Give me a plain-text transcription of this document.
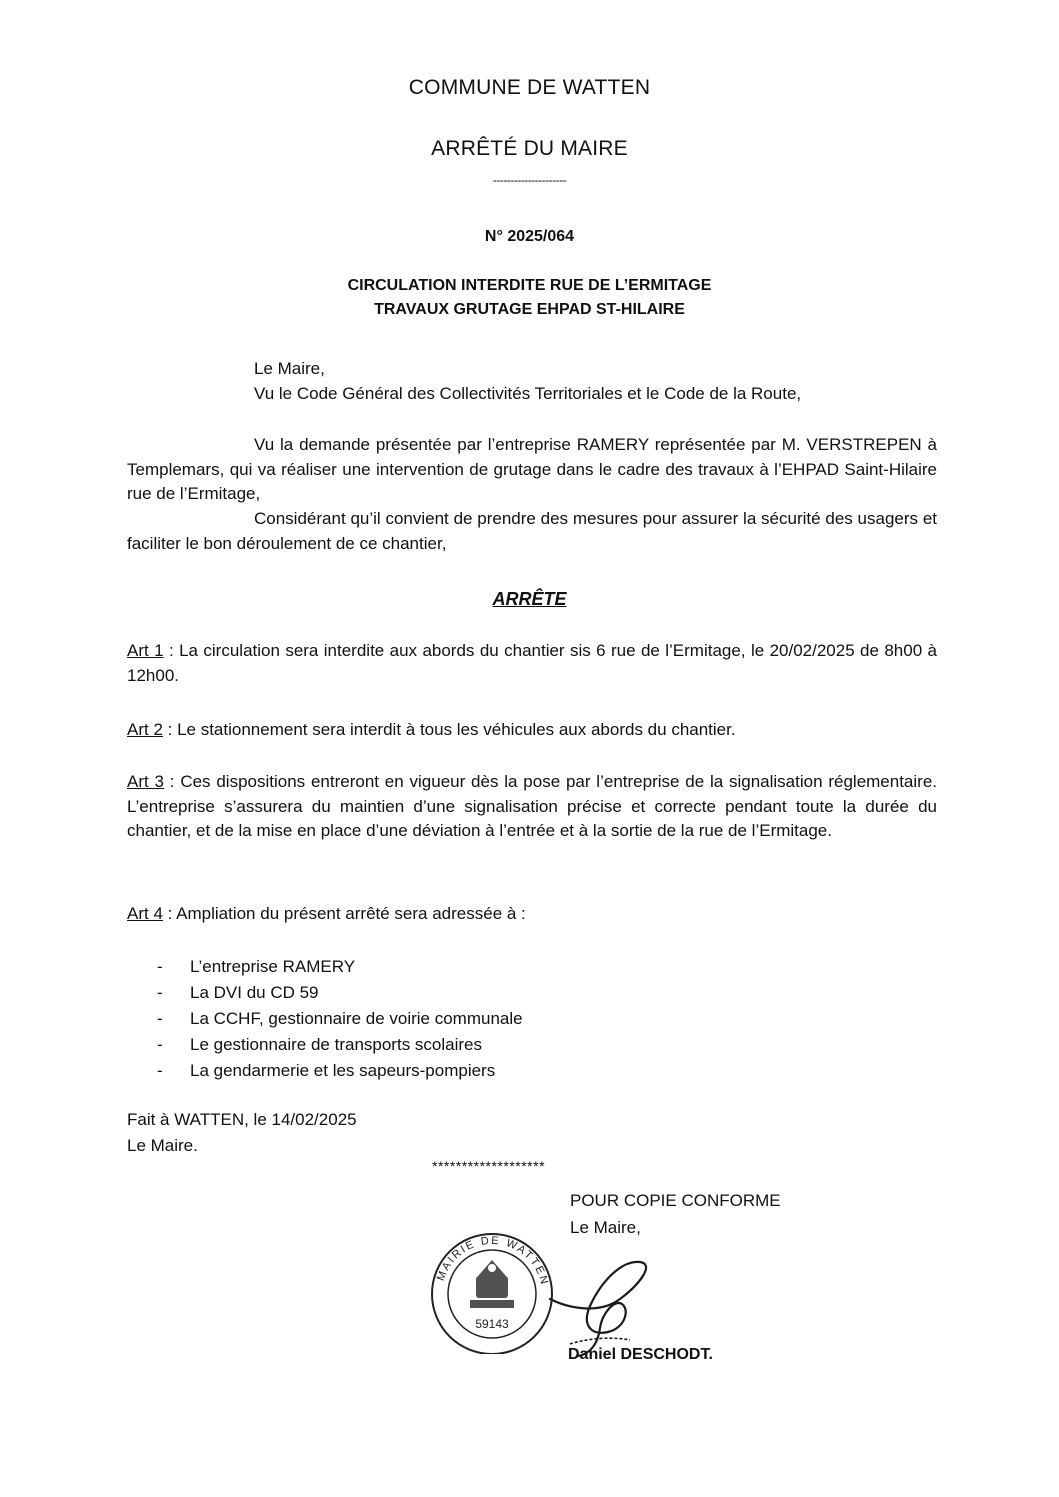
COMMUNE DE WATTEN
ARRÊTÉ DU MAIRE
---------------------
N° 2025/064
CIRCULATION INTERDITE RUE DE L’ERMITAGE
TRAVAUX GRUTAGE EHPAD ST-HILAIRE
Le Maire,
Vu le Code Général des Collectivités Territoriales et le Code de la Route,
Vu la demande présentée par l’entreprise RAMERY représentée par M. VERSTREPEN à Templemars, qui va réaliser une intervention de grutage dans le cadre des travaux à l’EHPAD Saint-Hilaire rue de l’Ermitage,
Considérant qu’il convient de prendre des mesures pour assurer la sécurité des usagers et faciliter le bon déroulement de ce chantier,
ARRÊTE
Art 1 : La circulation sera interdite aux abords du chantier sis 6 rue de l’Ermitage, le 20/02/2025 de 8h00 à 12h00.
Art 2 : Le stationnement sera interdit à tous les véhicules aux abords du chantier.
Art 3 : Ces dispositions entreront en vigueur dès la pose par l’entreprise de la signalisation réglementaire. L’entreprise s’assurera du maintien d’une signalisation précise et correcte pendant toute la durée du chantier, et de la mise en place d’une déviation à l’entrée et à la sortie de la rue de l’Ermitage.
Art 4 : Ampliation du présent arrêté sera adressée à :
- L’entreprise RAMERY
- La DVI du CD 59
- La CCHF, gestionnaire de voirie communale
- Le gestionnaire de transports scolaires
- La gendarmerie et les sapeurs-pompiers
Fait à WATTEN, le 14/02/2025
Le Maire.
*******************
POUR COPIE CONFORME
Le Maire,
MAIRIE DE WATTEN
59143
Daniel DESCHODT.
